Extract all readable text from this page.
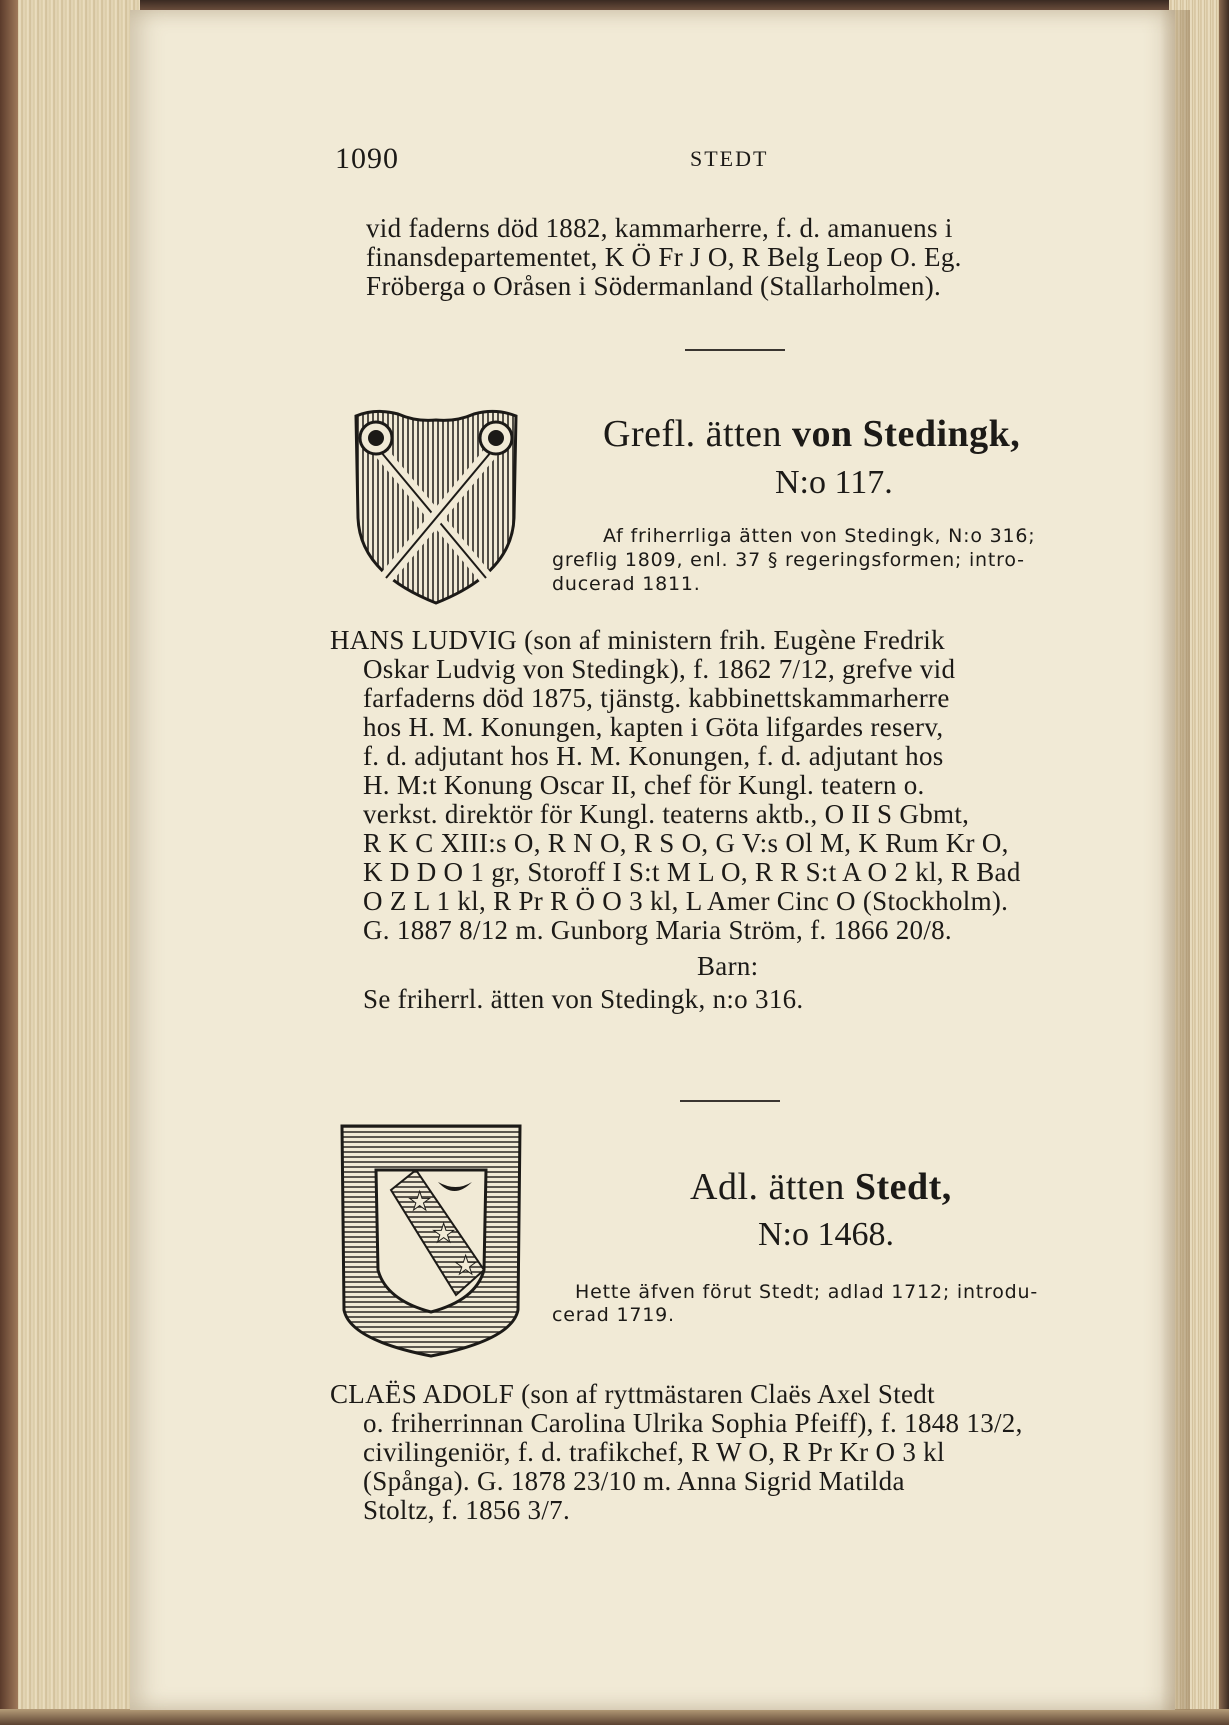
1090	STEDT
vid faderns död 1882, kammarherre, f. d. amanuens i
finansdepartementet, K Ö Fr J O, R Belg Leop O. Eg.
Fröberga o Oråsen i Södermanland (Stallarholmen).
Grefl. ätten von Stedingk,
N:o 117.
Af friherrliga ätten von Stedingk, N:o 316;
greflig 1809, enl. 37 § regeringsformen; intro-
ducerad 1811.
HANS LUDVIG (son af ministern frih. Eugène Fredrik
Oskar Ludvig von Stedingk), f. 1862 7/12, grefve vid
farfaderns död 1875, tjänstg. kabbinettskammarherre
hos H. M. Konungen, kapten i Göta lifgardes reserv,
f. d. adjutant hos H. M. Konungen, f. d. adjutant hos
H. M:t Konung Oscar II, chef för Kungl. teatern o.
verkst. direktör för Kungl. teaterns aktb., O II S Gbmt,
R K C XIII:s O, R N O, R S O, G V:s Ol M, K Rum Kr O,
K D D O 1 gr, Storoff I S:t M L O, R R S:t A O 2 kl, R Bad
O Z L 1 kl, R Pr R Ö O 3 kl, L Amer Cinc O (Stockholm).
G. 1887 8/12 m. Gunborg Maria Ström, f. 1866 20/8.
Barn:
Se friherrl. ätten von Stedingk, n:o 316.
★
★
★
Adl. ätten Stedt,
N:o 1468.
Hette äfven förut Stedt; adlad 1712; introdu-
cerad 1719.
CLAËS ADOLF (son af ryttmästaren Claës Axel Stedt
o. friherrinnan Carolina Ulrika Sophia Pfeiff), f. 1848 13/2,
civilingeniör, f. d. trafikchef, R W O, R Pr Kr O 3 kl
(Spånga). G. 1878 23/10 m. Anna Sigrid Matilda
Stoltz, f. 1856 3/7.
